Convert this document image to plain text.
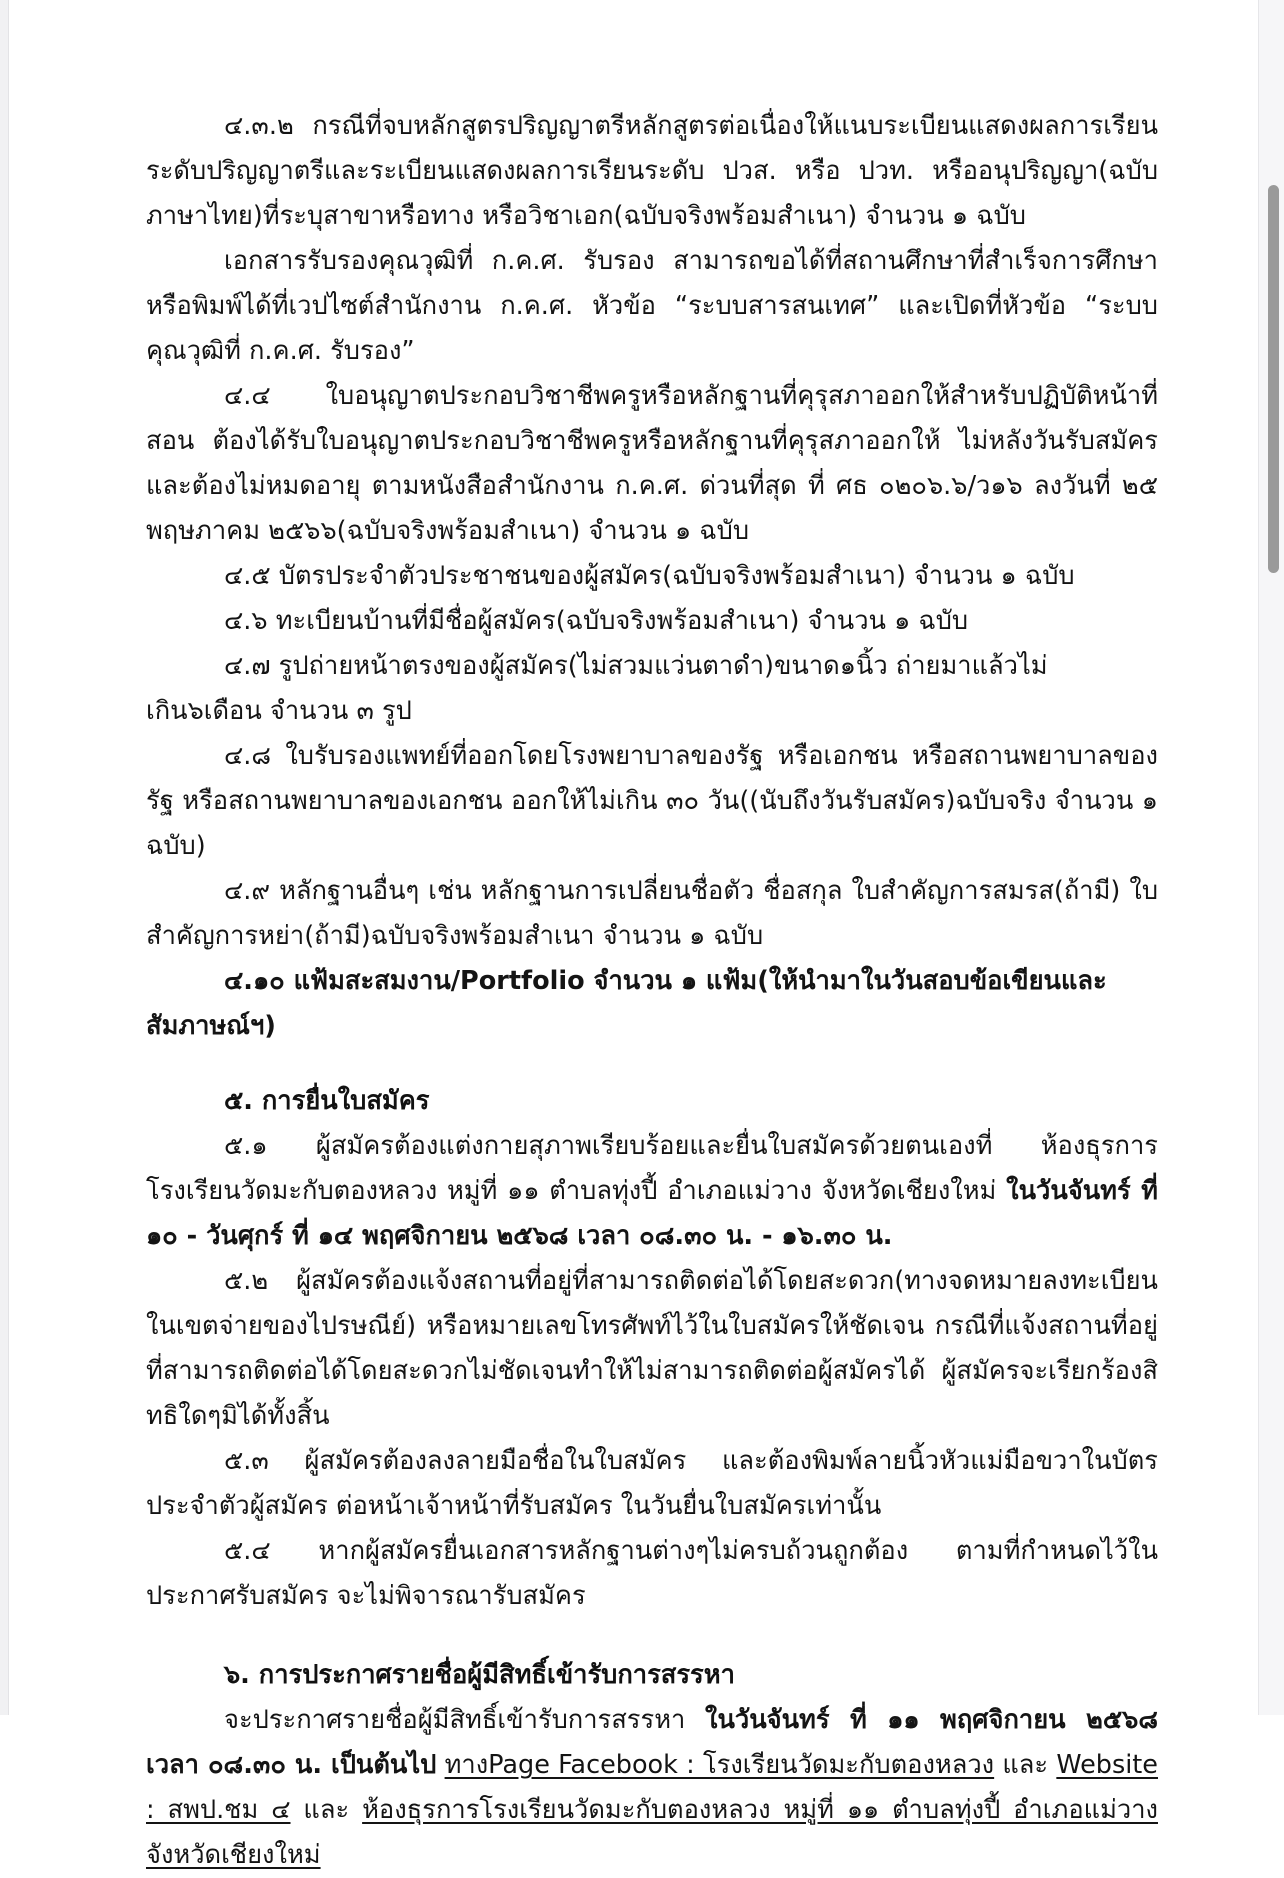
๔.๓.๒ กรณีที่จบหลักสูตรปริญญาตรีหลักสูตรต่อเนื่องให้แนบระเบียนแสดงผลการเรียนระดับปริญญาตรีและระเบียนแสดงผลการเรียนระดับ ปวส. หรือ ปวท. หรืออนุปริญญา(ฉบับภาษาไทย)ที่ระบุสาขาหรือทาง หรือวิชาเอก(ฉบับจริงพร้อมสำเนา) จำนวน ๑ ฉบับ

เอกสารรับรองคุณวุฒิที่ ก.ค.ศ. รับรอง สามารถขอได้ที่สถานศึกษาที่สำเร็จการศึกษา หรือพิมพ์ได้ที่เวปไซต์สำนักงาน ก.ค.ศ. หัวข้อ “ระบบสารสนเทศ” และเปิดที่หัวข้อ “ระบบคุณวุฒิที่ ก.ค.ศ. รับรอง”

๔.๔ ใบอนุญาตประกอบวิชาชีพครูหรือหลักฐานที่คุรุสภาออกให้สำหรับปฏิบัติหน้าที่สอน ต้องได้รับใบอนุญาตประกอบวิชาชีพครูหรือหลักฐานที่คุรุสภาออกให้ ไม่หลังวันรับสมัครและต้องไม่หมดอายุ ตามหนังสือสำนักงาน ก.ค.ศ. ด่วนที่สุด ที่ ศธ ๐๒๐๖.๖/ว๑๖ ลงวันที่ ๒๕ พฤษภาคม ๒๕๖๖(ฉบับจริงพร้อมสำเนา) จำนวน ๑ ฉบับ

๔.๕ บัตรประจำตัวประชาชนของผู้สมัคร(ฉบับจริงพร้อมสำเนา) จำนวน ๑ ฉบับ

๔.๖ ทะเบียนบ้านที่มีชื่อผู้สมัคร(ฉบับจริงพร้อมสำเนา) จำนวน ๑ ฉบับ

๔.๗ รูปถ่ายหน้าตรงของผู้สมัคร(ไม่สวมแว่นตาดำ)ขนาด๑นิ้ว ถ่ายมาแล้วไม่เกิน๖เดือน จำนวน ๓ รูป

๔.๘ ใบรับรองแพทย์ที่ออกโดยโรงพยาบาลของรัฐ หรือเอกชน หรือสถานพยาบาลของรัฐ หรือสถานพยาบาลของเอกชน ออกให้ไม่เกิน ๓๐ วัน((นับถึงวันรับสมัคร)ฉบับจริง จำนวน ๑ ฉบับ)

๔.๙ หลักฐานอื่นๆ เช่น หลักฐานการเปลี่ยนชื่อตัว ชื่อสกุล ใบสำคัญการสมรส(ถ้ามี) ใบสำคัญการหย่า(ถ้ามี)ฉบับจริงพร้อมสำเนา จำนวน ๑ ฉบับ

๔.๑๐ แฟ้มสะสมงาน/Portfolio จำนวน ๑ แฟ้ม(ให้นำมาในวันสอบข้อเขียนและสัมภาษณ์ฯ)

๕. การยื่นใบสมัคร

๕.๑ ผู้สมัครต้องแต่งกายสุภาพเรียบร้อยและยื่นใบสมัครด้วยตนเองที่ ห้องธุรการโรงเรียนวัดมะกับตองหลวง หมู่ที่ ๑๑ ตำบลทุ่งปี้ อำเภอแม่วาง จังหวัดเชียงใหม่ ในวันจันทร์ ที่ ๑๐ - วันศุกร์ ที่ ๑๔ พฤศจิกายน ๒๕๖๘ เวลา ๐๘.๓๐ น. - ๑๖.๓๐ น.

๕.๒ ผู้สมัครต้องแจ้งสถานที่อยู่ที่สามารถติดต่อได้โดยสะดวก(ทางจดหมายลงทะเบียนในเขตจ่ายของไปรษณีย์) หรือหมายเลขโทรศัพท์ไว้ในใบสมัครให้ชัดเจน กรณีที่แจ้งสถานที่อยู่ที่สามารถติดต่อได้โดยสะดวกไม่ชัดเจนทำให้ไม่สามารถติดต่อผู้สมัครได้ ผู้สมัครจะเรียกร้องสิทธิใดๆมิได้ทั้งสิ้น

๕.๓ ผู้สมัครต้องลงลายมือชื่อในใบสมัคร และต้องพิมพ์ลายนิ้วหัวแม่มือขวาในบัตรประจำตัวผู้สมัคร ต่อหน้าเจ้าหน้าที่รับสมัคร ในวันยื่นใบสมัครเท่านั้น

๕.๔ หากผู้สมัครยื่นเอกสารหลักฐานต่างๆไม่ครบถ้วนถูกต้อง ตามที่กำหนดไว้ในประกาศรับสมัคร จะไม่พิจารณารับสมัคร

๖. การประกาศรายชื่อผู้มีสิทธิ์เข้ารับการสรรหา

จะประกาศรายชื่อผู้มีสิทธิ์เข้ารับการสรรหา ในวันจันทร์ ที่ ๑๑ พฤศจิกายน ๒๕๖๘ เวลา ๐๘.๓๐ น. เป็นต้นไป ทางPage Facebook : โรงเรียนวัดมะกับตองหลวง และ Website : สพป.ชม ๔ และ ห้องธุรการโรงเรียนวัดมะกับตองหลวง หมู่ที่ ๑๑ ตำบลทุ่งปี้ อำเภอแม่วาง จังหวัดเชียงใหม่
